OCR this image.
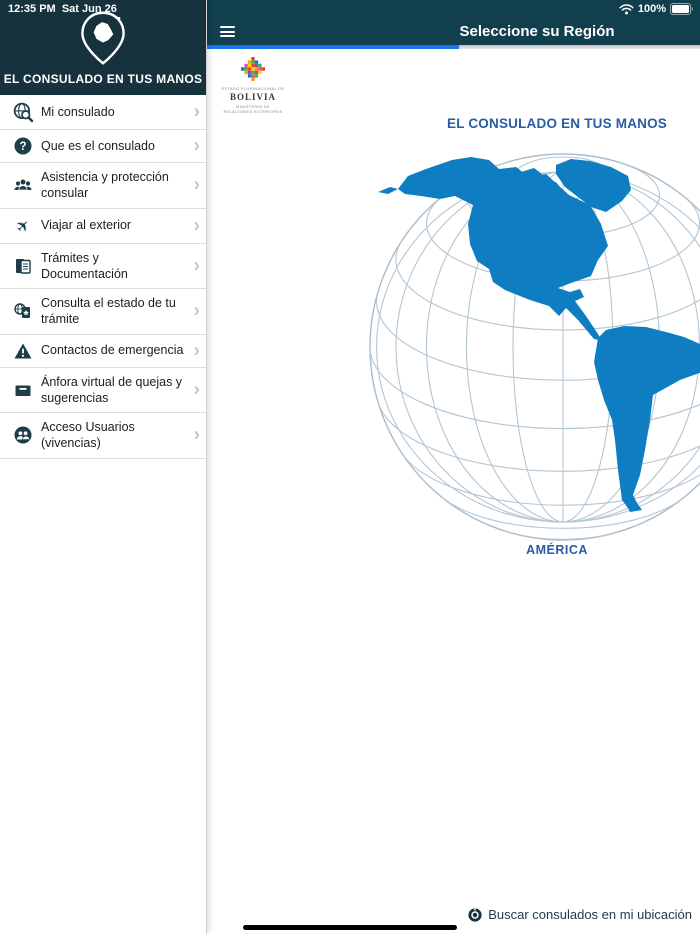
Seleccione su Región
ESTADO PLURINACIONAL DE
BOLIVIA
MINISTERIO DE
RELACIONES EXTERIORES
EL CONSULADO EN TUS MANOS
AMÉRICA
EL CONSULADO EN TUS MANOS
Mi consulado	›
? Que es el consulado ›
Asistencia y protección consular	›
✈ Viajar al exterior	›
Trámites y Documentación	›
Consulta el estado de tu trámite	›
Contactos de emergencia ›
Ánfora virtual de quejas y sugerencias	›
Acceso Usuarios (vivencias)	›
12:35 PM Sat Jun 26	100%
Buscar consulados en mi ubicación
